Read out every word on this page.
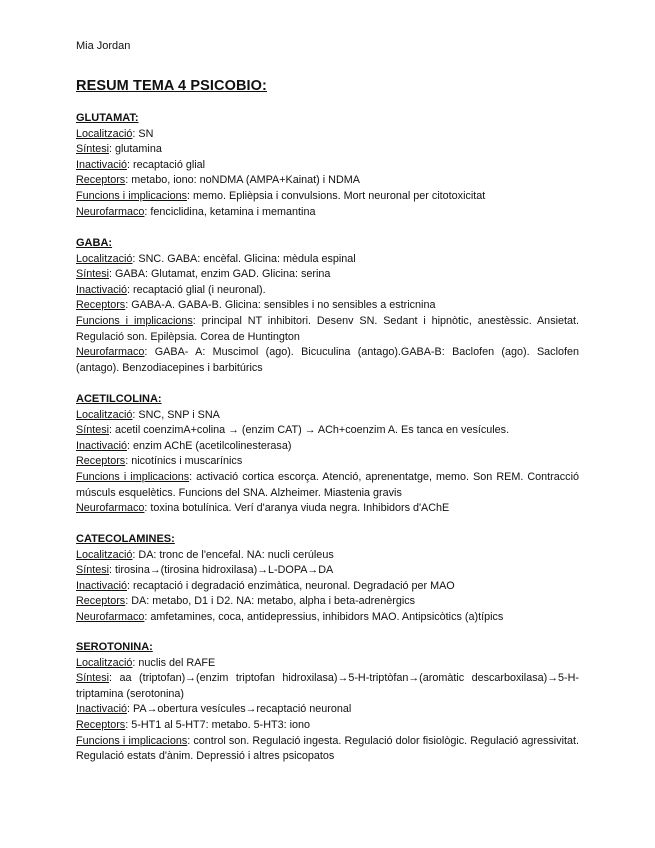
Mia Jordan
RESUM TEMA 4 PSICOBIO:
GLUTAMAT:
Localització: SN
Síntesi: glutamina
Inactivació: recaptació glial
Receptors: metabo, iono: noNDMA (AMPA+Kainat) i NDMA
Funcions i implicacions: memo. Eplièpsia i convulsions. Mort neuronal per citotoxicitat
Neurofarmaco: fenciclidina, ketamina i memantina
GABA:
Localització: SNC. GABA: encèfal. Glicina: mèdula espinal
Síntesi: GABA: Glutamat, enzim GAD. Glicina: serina
Inactivació: recaptació glial (i neuronal).
Receptors: GABA-A. GABA-B. Glicina: sensibles i no sensibles a estricnina
Funcions i implicacions: principal NT inhibitori. Desenv SN. Sedant i hipnòtic, anestèssic. Ansietat. Regulació son. Epilèpsia. Corea de Huntington
Neurofarmaco: GABA- A: Muscimol (ago). Bicuculina (antago).GABA-B: Baclofen (ago). Saclofen (antago). Benzodiacepines i barbitúrics
ACETILCOLINA:
Localització: SNC, SNP i SNA
Síntesi: acetil coenzimA+colina → (enzim CAT) → ACh+coenzim A. Es tanca en vesícules.
Inactivació: enzim AChE (acetilcolinesterasa)
Receptors: nicotínics i muscarínics
Funcions i implicacions: activació cortica escorça. Atenció, aprenentatge, memo. Son REM. Contracció músculs esquelètics. Funcions del SNA. Alzheimer. Miastenia gravis
Neurofarmaco: toxina botulínica. Verí d'aranya viuda negra. Inhibidors d'AChE
CATECOLAMINES:
Localització: DA: tronc de l'encefal. NA: nucli cerúleus
Síntesi: tirosina→(tirosina hidroxilasa)→L-DOPA→DA
Inactivació: recaptació i degradació enzimàtica, neuronal. Degradació per MAO
Receptors: DA: metabo, D1 i D2. NA: metabo, alpha i beta-adrenèrgics
Neurofarmaco: amfetamines, coca, antidepressius, inhibidors MAO. Antipsicòtics (a)típics
SEROTONINA:
Localització: nuclis del RAFE
Síntesi: aa (triptofan)→(enzim triptofan hidroxilasa)→5-H-triptòfan→(aromàtic descarboxilasa)→5-H-triptamina (serotonina)
Inactivació: PA→obertura vesícules→recaptació neuronal
Receptors: 5-HT1 al 5-HT7: metabo. 5-HT3: iono
Funcions i implicacions: control son. Regulació ingesta. Regulació dolor fisiològic. Regulació agressivitat. Regulació estats d'ànim. Depressió i altres psicopatos
